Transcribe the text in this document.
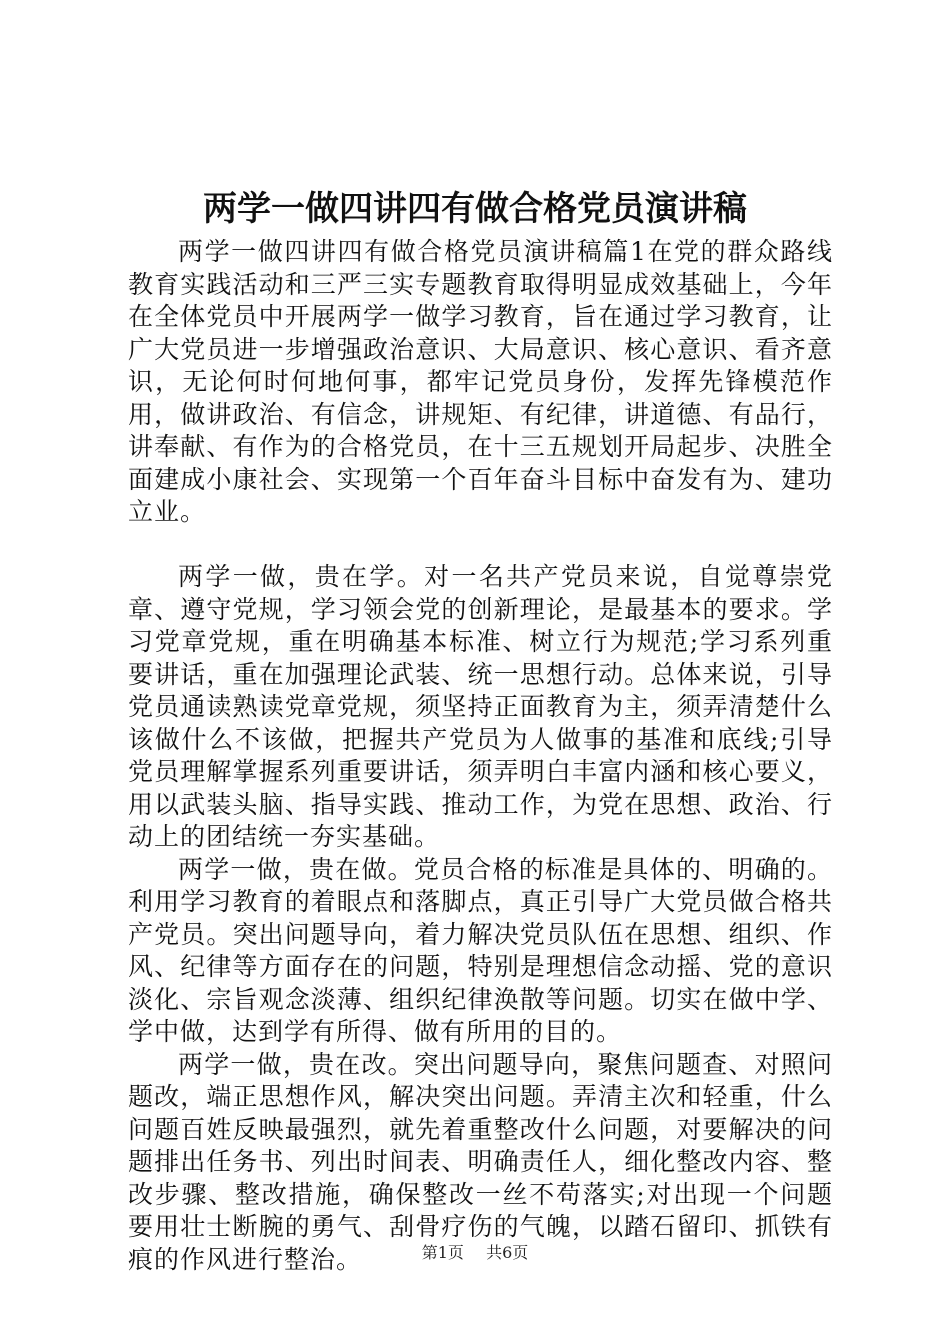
两学一做四讲四有做合格党员演讲稿

两学一做四讲四有做合格党员演讲稿篇1在党的群众路线教育实践活动和三严三实专题教育取得明显成效基础上，今年在全体党员中开展两学一做学习教育，旨在通过学习教育，让广大党员进一步增强政治意识、大局意识、核心意识、看齐意识，无论何时何地何事，都牢记党员身份，发挥先锋模范作用，做讲政治、有信念，讲规矩、有纪律，讲道德、有品行，讲奉献、有作为的合格党员，在十三五规划开局起步、决胜全面建成小康社会、实现第一个百年奋斗目标中奋发有为、建功立业。

两学一做，贵在学。对一名共产党员来说，自觉尊崇党章、遵守党规，学习领会党的创新理论，是最基本的要求。学习党章党规，重在明确基本标准、树立行为规范;学习系列重要讲话，重在加强理论武装、统一思想行动。总体来说，引导党员通读熟读党章党规，须坚持正面教育为主，须弄清楚什么该做什么不该做，把握共产党员为人做事的基准和底线;引导党员理解掌握系列重要讲话，须弄明白丰富内涵和核心要义，用以武装头脑、指导实践、推动工作，为党在思想、政治、行动上的团结统一夯实基础。

两学一做，贵在做。党员合格的标准是具体的、明确的。利用学习教育的着眼点和落脚点，真正引导广大党员做合格共产党员。突出问题导向，着力解决党员队伍在思想、组织、作风、纪律等方面存在的问题，特别是理想信念动摇、党的意识淡化、宗旨观念淡薄、组织纪律涣散等问题。切实在做中学、学中做，达到学有所得、做有所用的目的。

两学一做，贵在改。突出问题导向，聚焦问题查、对照问题改，端正思想作风，解决突出问题。弄清主次和轻重，什么问题百姓反映最强烈，就先着重整改什么问题，对要解决的问题排出任务书、列出时间表、明确责任人，细化整改内容、整改步骤、整改措施，确保整改一丝不苟落实;对出现一个问题要用壮士断腕的勇气、刮骨疗伤的气魄，以踏石留印、抓铁有痕的作风进行整治。	第1页 共6页
